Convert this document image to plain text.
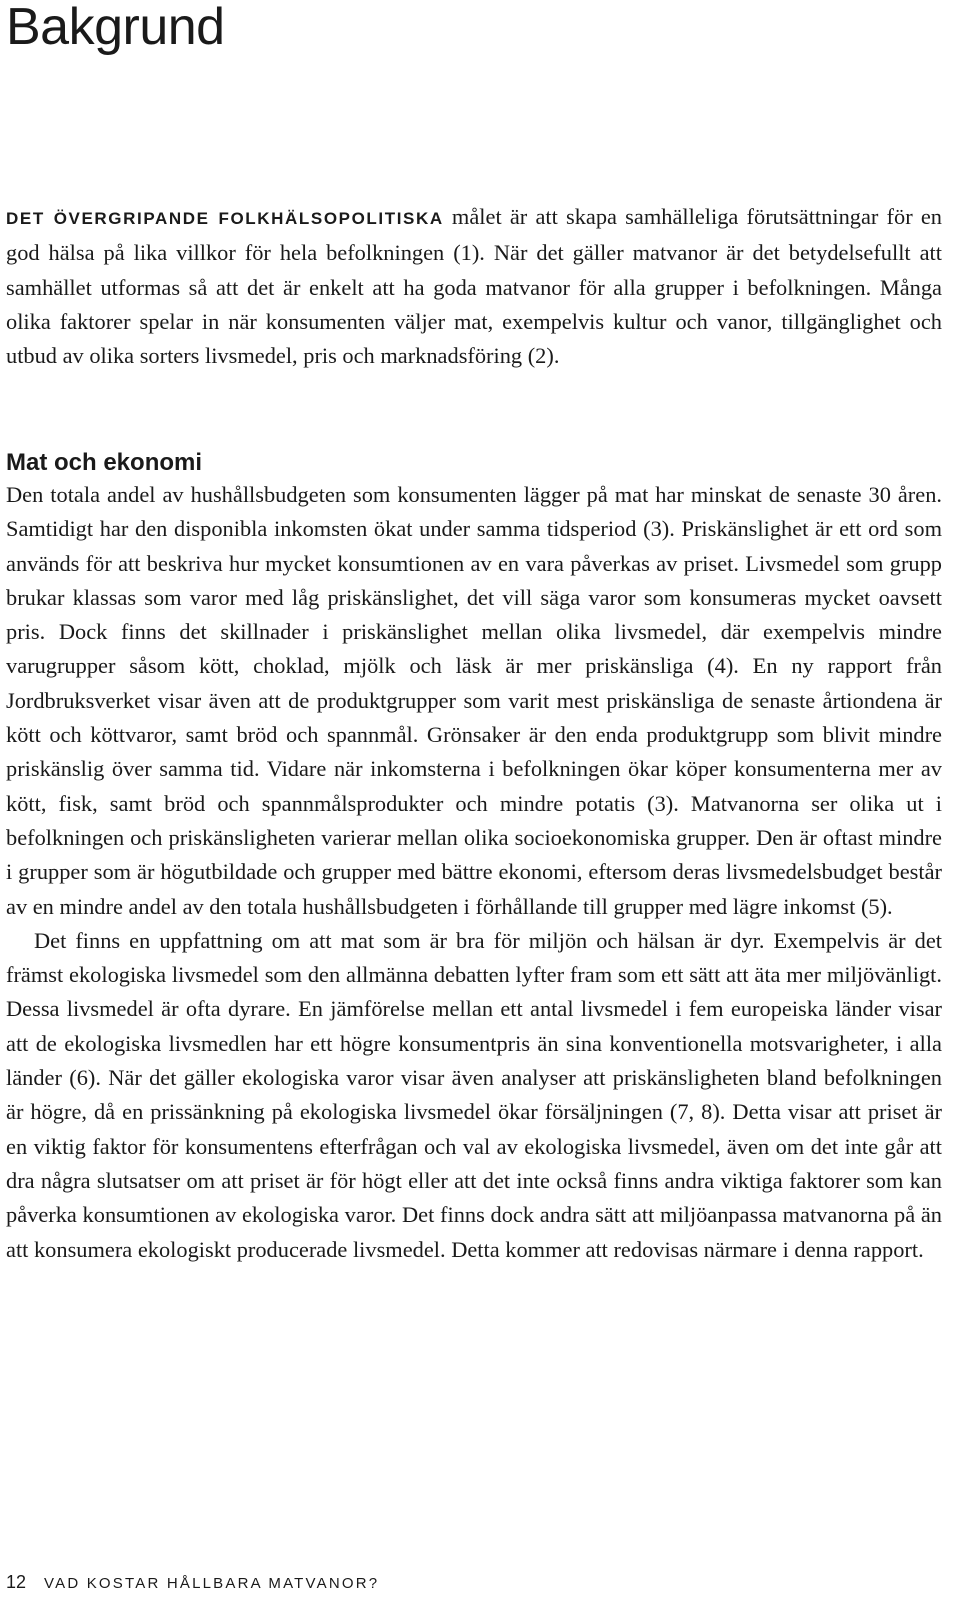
Bakgrund

DET ÖVERGRIPANDE FOLKHÄLSOPOLITISKA målet är att skapa samhälleliga förutsättningar för en god hälsa på lika villkor för hela befolkningen (1). När det gäller matvanor är det betydelsefullt att samhället utformas så att det är enkelt att ha goda matvanor för alla grupper i befolkningen. Många olika faktorer spelar in när konsumenten väljer mat, exempelvis kultur och vanor, tillgänglighet och utbud av olika sorters livsmedel, pris och marknadsföring (2).

Mat och ekonomi

Den totala andel av hushållsbudgeten som konsumenten lägger på mat har minskat de senaste 30 åren. Samtidigt har den disponibla inkomsten ökat under samma tidsperiod (3). Priskänslighet är ett ord som används för att beskriva hur mycket konsumtionen av en vara påverkas av priset. Livsmedel som grupp brukar klassas som varor med låg priskänslighet, det vill säga varor som konsumeras mycket oavsett pris. Dock finns det skillnader i priskänslighet mellan olika livsmedel, där exempelvis mindre varugrupper såsom kött, choklad, mjölk och läsk är mer priskänsliga (4). En ny rapport från Jordbruksverket visar även att de produktgrupper som varit mest priskänsliga de senaste årtiondena är kött och köttvaror, samt bröd och spannmål. Grönsaker är den enda produktgrupp som blivit mindre priskänslig över samma tid. Vidare när inkomsterna i befolkningen ökar köper konsumenterna mer av kött, fisk, samt bröd och spannmålsprodukter och mindre potatis (3). Matvanorna ser olika ut i befolkningen och priskänsligheten varierar mellan olika socioekonomiska grupper. Den är oftast mindre i grupper som är högutbildade och grupper med bättre ekonomi, eftersom deras livsmedelsbudget består av en mindre andel av den totala hushållsbudgeten i förhållande till grupper med lägre inkomst (5).

Det finns en uppfattning om att mat som är bra för miljön och hälsan är dyr. Exempelvis är det främst ekologiska livsmedel som den allmänna debatten lyfter fram som ett sätt att äta mer miljövänligt. Dessa livsmedel är ofta dyrare. En jämförelse mellan ett antal livsmedel i fem europeiska länder visar att de ekologiska livsmedlen har ett högre konsumentpris än sina konventionella motsvarigheter, i alla länder (6). När det gäller ekologiska varor visar även analyser att priskänsligheten bland befolkningen är högre, då en prissänkning på ekologiska livsmedel ökar försäljningen (7, 8). Detta visar att priset är en viktig faktor för konsumentens efterfrågan och val av ekologiska livsmedel, även om det inte går att dra några slutsatser om att priset är för högt eller att det inte också finns andra viktiga faktorer som kan påverka konsumtionen av ekologiska varor. Det finns dock andra sätt att miljöanpassa matvanorna på än att konsumera ekologiskt producerade livsmedel. Detta kommer att redovisas närmare i denna rapport.

12 VAD KOSTAR HÅLLBARA MATVANOR?
